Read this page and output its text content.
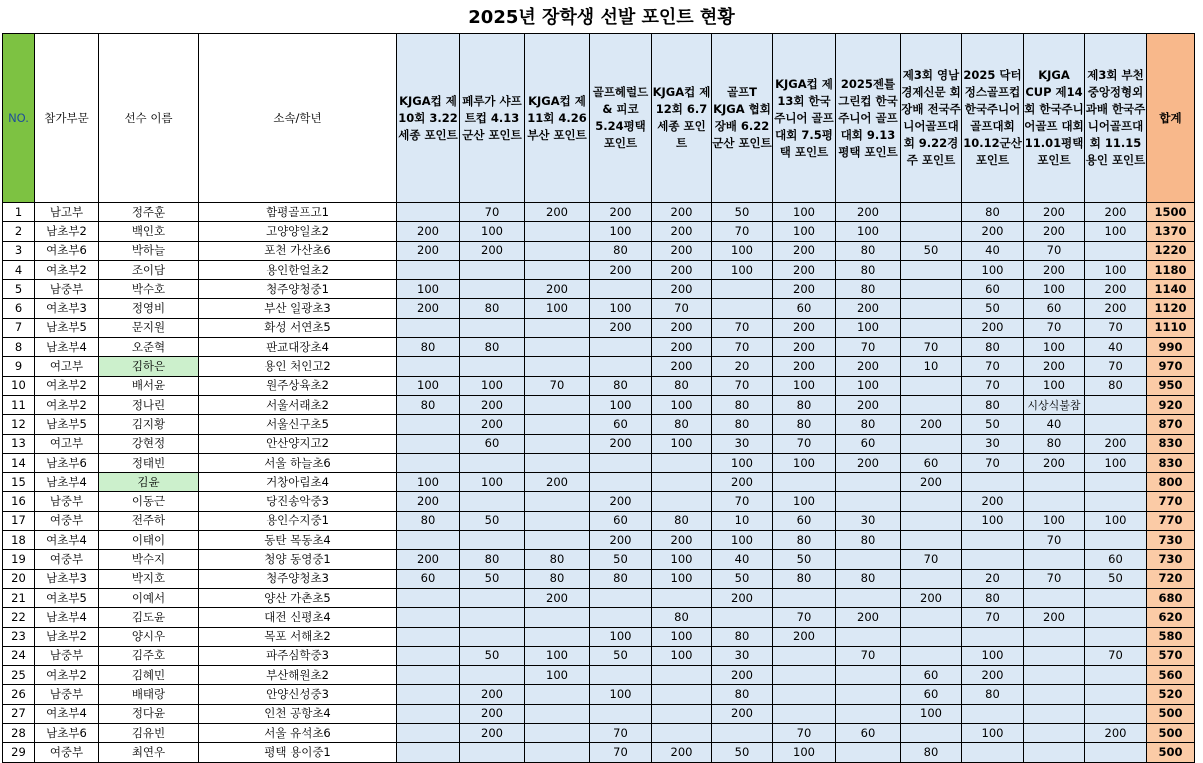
2025년 장학생 선발 포인트 현황
NO.	참가부문	선수 이름	소속/학년	KJGA컵 제10회 3.22세종 포인트	페루가 샤프트컵 4.13군산 포인트	KJGA컵 제11회 4.26부산 포인트	골프헤럴드 & 피코 5.24평택 포인트	KJGA컵 제12회 6.7세종 포인트	골프T KJGA 협회장배 6.22군산 포인트	KJGA컵 제13회 한국주니어 골프대회 7.5평택 포인트	2025젠틀그린컵 한국주니어 골프대회 9.13평택 포인트	제3회 영남경제신문 회장배 전국주니어골프대회 9.22경주 포인트	2025 닥터 정스골프컵 한국주니어골프대회 10.12군산 포인트	KJGA CUP 제14회 한국주니어골프 대회 11.01평택 포인트	제3회 부천중앙정형외과배 한국주니어골프대회 11.15용인 포인트	합계
1	남고부	정주훈	함평골프고1		70	200	200	200	50	100	200		80	200	200	1500
2	남초부2	백인호	고양양일초2	200	100		100	200	70	100	100		200	200	100	1370
3	여초부6	박하늘	포천 가산초6	200	200		80	200	100	200	80	50	40	70		1220
4	여초부2	조이담	용인한얼초2				200	200	100	200	80		100	200	100	1180
5	남중부	박수호	청주양청중1	100		200		200		200	80		60	100	200	1140
6	여초부3	정영비	부산 일광초3	200	80	100	100	70		60	200		50	60	200	1120
7	남초부5	문지원	화성 서연초5				200	200	70	200	100		200	70	70	1110
8	남초부4	오준혁	판교대장초4	80	80			200	70	200	70	70	80	100	40	990
9	여고부	김하은	용인 처인고2					200	20	200	200	10	70	200	70	970
10	여초부2	배서윤	원주상육초2	100	100	70	80	80	70	100	100		70	100	80	950
11	여초부2	정나린	서울서래초2	80	200		100	100	80	80	200		80	시상식불참		920
12	남초부5	김지황	서울신구초5		200		60	80	80	80	80	200	50	40		870
13	여고부	강현정	안산양지고2		60		200	100	30	70	60		30	80	200	830
14	남초부6	정태빈	서울 하늘초6						100	100	200	60	70	200	100	830
15	남초부4	김윤	거창아림초4	100	100	200			200			200				800
16	남중부	이동근	당진송악중3	200			200		70	100			200			770
17	여중부	전주하	용인수지중1	80	50		60	80	10	60	30		100	100	100	770
18	여초부4	이태이	동탄 목동초4				200	200	100	80	80			70		730
19	여중부	박수지	청양 동영중1	200	80	80	50	100	40	50		70			60	730
20	남초부3	박지호	청주양청초3	60	50	80	80	100	50	80	80		20	70	50	720
21	여초부5	이예서	양산 가촌초5			200			200			200	80			680
22	남초부4	김도윤	대전 신평초4					80		70	200		70	200		620
23	남초부2	양시우	목포 서해초2				100	100	80	200						580
24	남중부	김주호	파주심학중3		50	100	50	100	30		70		100		70	570
25	여초부2	김혜민	부산해원초2			100			200			60	200			560
26	남중부	배태랑	안양신성중3		200		100		80			60	80			520
27	여초부4	정다윤	인천 공항초4		200				200			100				500
28	남초부6	김유빈	서울 유석초6		200		70			70	60		100		200	500
29	여중부	최연우	평택 용이중1				70	200	50	100		80				500
